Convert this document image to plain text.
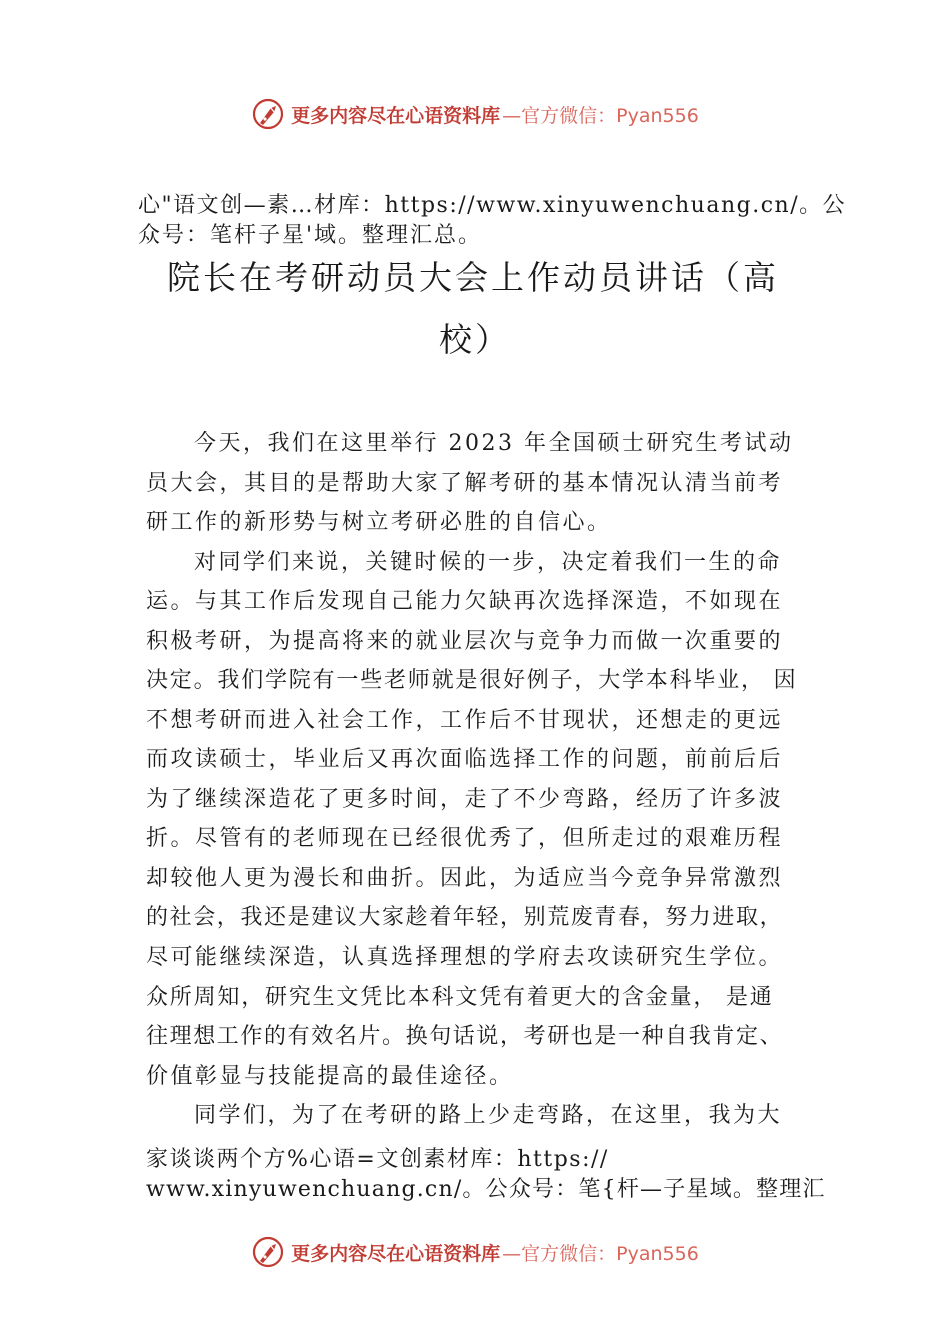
更多内容尽在心语资料库 —官方微信：Pyan556
心"语文创—素…材库：https://www.xinyuwenchuang.cn/。公
众号：笔杆子星'域。整理汇总。
院长在考研动员大会上作动员讲话（高
校）
今天，我们在这里举行 2023 年全国硕士研究生考试动
员大会，其目的是帮助大家了解考研的基本情况认清当前考
研工作的新形势与树立考研必胜的自信心。
对同学们来说，关键时候的一步，决定着我们一生的命
运。与其工作后发现自己能力欠缺再次选择深造，不如现在
积极考研，为提高将来的就业层次与竞争力而做一次重要的
决定。我们学院有一些老师就是很好例子，大学本科毕业， 因
不想考研而进入社会工作，工作后不甘现状，还想走的更远
而攻读硕士，毕业后又再次面临选择工作的问题，前前后后
为了继续深造花了更多时间，走了不少弯路，经历了许多波
折。尽管有的老师现在已经很优秀了，但所走过的艰难历程
却较他人更为漫长和曲折。因此，为适应当今竞争异常激烈
的社会，我还是建议大家趁着年轻，别荒废青春，努力进取，
尽可能继续深造，认真选择理想的学府去攻读研究生学位。
众所周知，研究生文凭比本科文凭有着更大的含金量， 是通
往理想工作的有效名片。换句话说，考研也是一种自我肯定、
价值彰显与技能提高的最佳途径。
同学们，为了在考研的路上少走弯路，在这里，我为大
家谈谈两个方%心语=文创素材库：https://
www.xinyuwenchuang.cn/。公众号：笔{杆—子星域。整理汇
更多内容尽在心语资料库 —官方微信：Pyan556
